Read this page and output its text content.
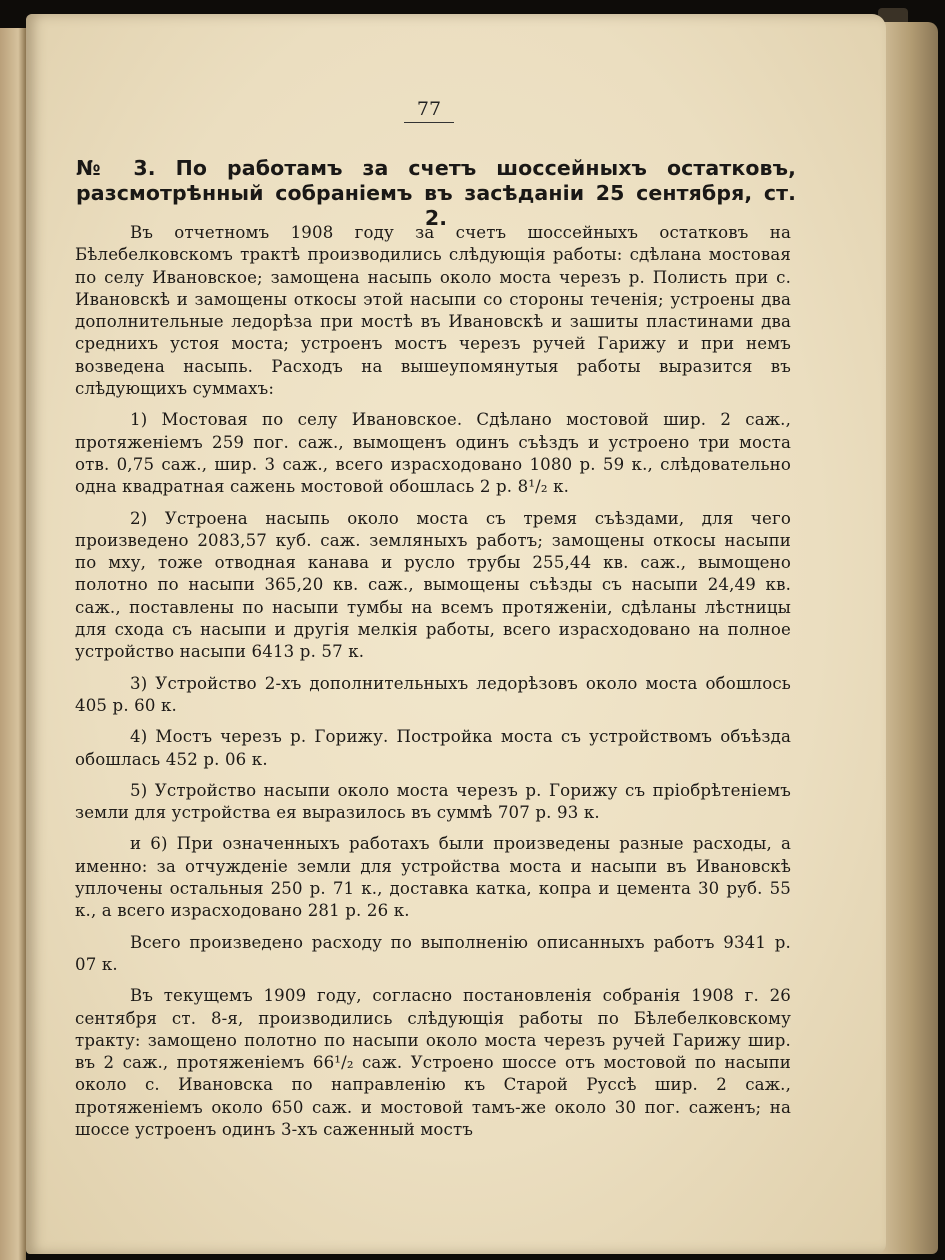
77
№ 3. По работамъ за счетъ шоссейныхъ остатковъ, разсмотрѣнный собраніемъ въ засѣданіи 25 сентября, ст. 2.

Въ отчетномъ 1908 году за счетъ шоссейныхъ остатковъ на Бѣлебелковскомъ трактѣ производились слѣдующія работы: сдѣлана мостовая по селу Ивановское; замощена насыпь около моста черезъ р. Полисть при с. Ивановскѣ и замощены откосы этой насыпи со стороны теченія; устроены два дополнительные ледорѣза при мостѣ въ Ивановскѣ и зашиты пластинами два среднихъ устоя моста; устроенъ мостъ черезъ ручей Гарижу и при немъ возведена насыпь. Расходъ на вышеупомянутыя работы выразится въ слѣдующихъ суммахъ:

1) Мостовая по селу Ивановское. Сдѣлано мостовой шир. 2 саж., протяженіемъ 259 пог. саж., вымощенъ одинъ съѣздъ и устроено три моста отв. 0,75 саж., шир. 3 саж., всего израсходовано 1080 р. 59 к., слѣдовательно одна квадратная сажень мостовой обошлась 2 р. 8¹/₂ к.

2) Устроена насыпь около моста съ тремя съѣздами, для чего произведено 2083,57 куб. саж. земляныхъ работъ; замощены откосы насыпи по мху, тоже отводная канава и русло трубы 255,44 кв. саж., вымощено полотно по насыпи 365,20 кв. саж., вымощены съѣзды съ насыпи 24,49 кв. саж., поставлены по насыпи тумбы на всемъ протяженіи, сдѣланы лѣстницы для схода съ насыпи и другія мелкія работы, всего израсходовано на полное устройство насыпи 6413 р. 57 к.

3) Устройство 2-хъ дополнительныхъ ледорѣзовъ около моста обошлось 405 р. 60 к.

4) Мостъ черезъ р. Горижу. Постройка моста съ устройствомъ объѣзда обошлась 452 р. 06 к.

5) Устройство насыпи около моста черезъ р. Горижу съ пріобрѣтеніемъ земли для устройства ея выразилось въ суммѣ 707 р. 93 к.

и 6) При означенныхъ работахъ были произведены разные расходы, а именно: за отчужденіе земли для устройства моста и насыпи въ Ивановскѣ уплочены остальныя 250 р. 71 к., доставка катка, копра и цемента 30 руб. 55 к., а всего израсходовано 281 р. 26 к.

Всего произведено расходу по выполненію описанныхъ работъ 9341 р. 07 к.

Въ текущемъ 1909 году, согласно постановленія собранія 1908 г. 26 сентября ст. 8-я, производились слѣдующія работы по Бѣлебелковскому тракту: замощено полотно по насыпи около моста черезъ ручей Гарижу шир. въ 2 саж., протяженіемъ 66¹/₂ саж. Устроено шоссе отъ мостовой по насыпи около с. Ивановска по направленію къ Старой Руссѣ шир. 2 саж., протяженіемъ около 650 саж. и мостовой тамъ-же около 30 пог. саженъ; на шоссе устроенъ одинъ 3-хъ саженный мостъ
